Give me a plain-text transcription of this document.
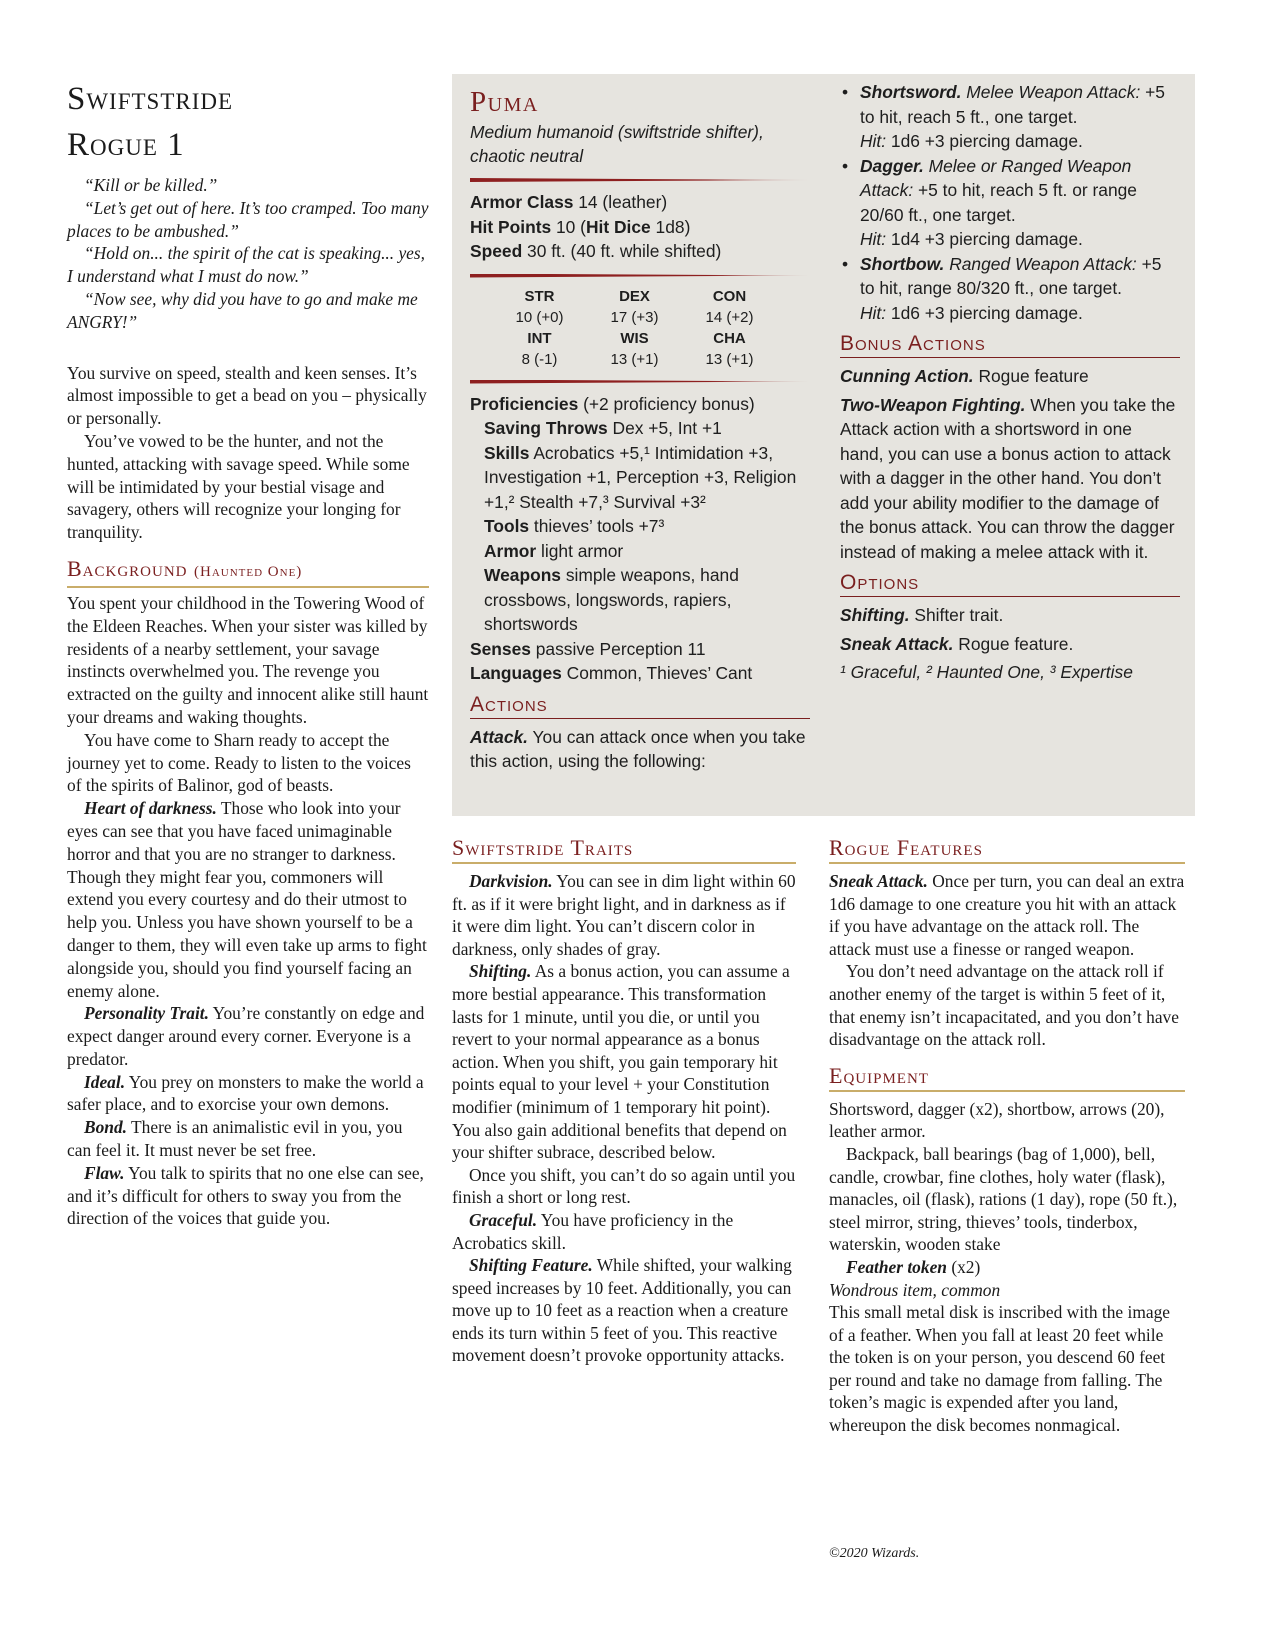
Swiftstride
Rogue 1

“Kill or be killed.”

“Let’s get out of here. It’s too cramped. Too many places to be ambushed.”

“Hold on... the spirit of the cat is speaking... yes, I understand what I must do now.”

“Now see, why did you have to go and make me ANGRY!”

You survive on speed, stealth and keen senses. It’s almost impossible to get a bead on you – physically or personally.

You’ve vowed to be the hunter, and not the hunted, attacking with savage speed. While some will be intimidated by your bestial visage and savagery, others will recognize your longing for tranquility.

Background (Haunted One)

You spent your childhood in the Towering Wood of the Eldeen Reaches. When your sister was killed by residents of a nearby settlement, your savage instincts overwhelmed you. The revenge you extracted on the guilty and innocent alike still haunt your dreams and waking thoughts.

You have come to Sharn ready to accept the journey yet to come. Ready to listen to the voices of the spirits of Balinor, god of beasts.

Heart of darkness. Those who look into your eyes can see that you have faced unimaginable horror and that you are no stranger to darkness. Though they might fear you, commoners will extend you every courtesy and do their utmost to help you. Unless you have shown yourself to be a danger to them, they will even take up arms to fight alongside you, should you find yourself facing an enemy alone.

Personality Trait. You’re constantly on edge and expect danger around every corner. Everyone is a predator.

Ideal. You prey on monsters to make the world a safer place, and to exorcise your own demons.

Bond. There is an animalistic evil in you, you can feel it. It must never be set free.

Flaw. You talk to spirits that no one else can see, and it’s difficult for others to sway you from the direction of the voices that guide you.

Puma
Medium humanoid (swiftstride shifter), chaotic neutral
Armor Class 14 (leather)
Hit Points 10 (Hit Dice 1d8)
Speed 30 ft. (40 ft. while shifted)
STR	DEX	CON
10 (+0)	17 (+3)	14 (+2)
INT	WIS	CHA
8 (-1)	13 (+1)	13 (+1)
Proficiencies (+2 proficiency bonus)
Saving Throws Dex +5, Int +1
Skills Acrobatics +5,¹ Intimidation +3, Investigation +1, Perception +3, Religion +1,² Stealth +7,³ Survival +3²
Tools thieves’ tools +7³
Armor light armor
Weapons simple weapons, hand crossbows, longswords, rapiers, shortswords
Senses passive Perception 11
Languages Common, Thieves’ Cant
Actions
Attack. You can attack once when you take this action, using the following:
• Shortsword. Melee Weapon Attack: +5 to hit, reach 5 ft., one target.
Hit: 1d6 +3 piercing damage.
• Dagger. Melee or Ranged Weapon Attack: +5 to hit, reach 5 ft. or range 20/60 ft., one target.
Hit: 1d4 +3 piercing damage.
• Shortbow. Ranged Weapon Attack: +5 to hit, range 80/320 ft., one target.
Hit: 1d6 +3 piercing damage.
Bonus Actions
Cunning Action. Rogue feature
Two-Weapon Fighting. When you take the Attack action with a shortsword in one hand, you can use a bonus action to attack with a dagger in the other hand. You don’t add your ability modifier to the damage of the bonus attack. You can throw the dagger instead of making a melee attack with it.
Options
Shifting. Shifter trait.
Sneak Attack. Rogue feature.
¹ Graceful, ² Haunted One, ³ Expertise
Swiftstride Traits

Darkvision. You can see in dim light within 60 ft. as if it were bright light, and in darkness as if it were dim light. You can’t discern color in darkness, only shades of gray.

Shifting. As a bonus action, you can assume a more bestial appearance. This transformation lasts for 1 minute, until you die, or until you revert to your normal appearance as a bonus action. When you shift, you gain temporary hit points equal to your level + your Constitution modifier (minimum of 1 temporary hit point). You also gain additional benefits that depend on your shifter subrace, described below.

Once you shift, you can’t do so again until you finish a short or long rest.

Graceful. You have proficiency in the Acrobatics skill.

Shifting Feature. While shifted, your walking speed increases by 10 feet. Additionally, you can move up to 10 feet as a reaction when a creature ends its turn within 5 feet of you. This reactive movement doesn’t provoke opportunity attacks.

Rogue Features

Sneak Attack. Once per turn, you can deal an extra 1d6 damage to one creature you hit with an attack if you have advantage on the attack roll. The attack must use a finesse or ranged weapon.

You don’t need advantage on the attack roll if another enemy of the target is within 5 feet of it, that enemy isn’t incapacitated, and you don’t have disadvantage on the attack roll.

Equipment

Shortsword, dagger (x2), shortbow, arrows (20), leather armor.

Backpack, ball bearings (bag of 1,000), bell, candle, crowbar, fine clothes, holy water (flask), manacles, oil (flask), rations (1 day), rope (50 ft.), steel mirror, string, thieves’ tools, tinderbox, waterskin, wooden stake

Feather token (x2)

Wondrous item, common

This small metal disk is inscribed with the image of a feather. When you fall at least 20 feet while the token is on your person, you descend 60 feet per round and take no damage from falling. The token’s magic is expended after you land, whereupon the disk becomes nonmagical.

©2020 Wizards.
